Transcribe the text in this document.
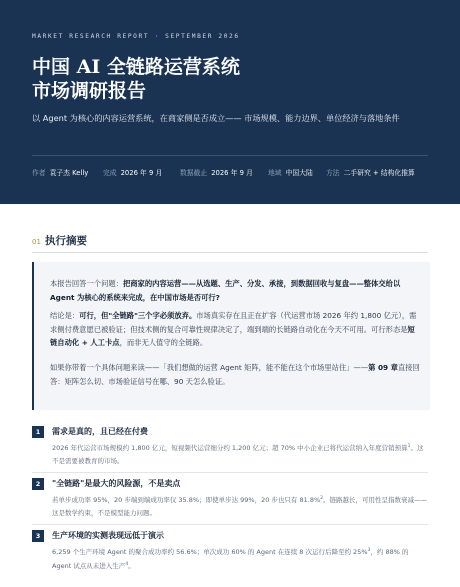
MARKET RESEARCH REPORT · SEPTEMBER 2026
中国 AI 全链路运营系统
市场调研报告
以 Agent 为核心的内容运营系统，在商家侧是否成立—— 市场规模、能力边界、单位经济与落地条件
作者 袁子杰 Kelly 完成 2026 年 9 月	数据截止 2026 年 9 月 地域 中国大陆 方法 二手研究 + 结构化推算
01 执行摘要

本报告回答一个问题：把商家的内容运营——从选题、生产、分发、承接，到数据回收与复盘——整体交给以 Agent 为核心的系统来完成，在中国市场是否可行?

结论是：可行，但"全链路"三个字必须放弃。市场真实存在且正在扩容（代运营市场 2026 年约 1,800 亿元），需求侧付费意愿已被验证；但技术侧的复合可靠性规律决定了，端到端的长链路自动化在今天不可用。可行形态是短链自动化 + 人工卡点，而非无人值守的全链路。

如果你带着一个具体问题来读——「我们想做的运营 Agent 矩阵，能不能在这个市场里站住」——第 09 章直接回答：矩阵怎么切、市场验证信号在哪、90 天怎么验证。

1	需求是真的，且已经在付费
2026 年代运营市场规模约 1,800 亿元，短视频代运营细分约 1,200 亿元；超 70% 中小企业已将代运营纳入年度营销预算$^1$。这不是需要被教育的市场。
2	"全链路"是最大的风险源，不是卖点
若单步成功率 95%，20 步端到端成功率仅 35.8%；即使单步达 99%，20 步也只有 81.8%$^2$。链路越长，可用性呈指数衰减——这是数学约束，不是模型能力问题。
3	生产环境的实测表现远低于演示
6,259 个生产环境 Agent 的聚合成功率约 56.6%；单次成功 60% 的 Agent 在连续 8 次运行后降至约 25%$^3$，约 88% 的 Agent 试点从未进入生产$^4$。
